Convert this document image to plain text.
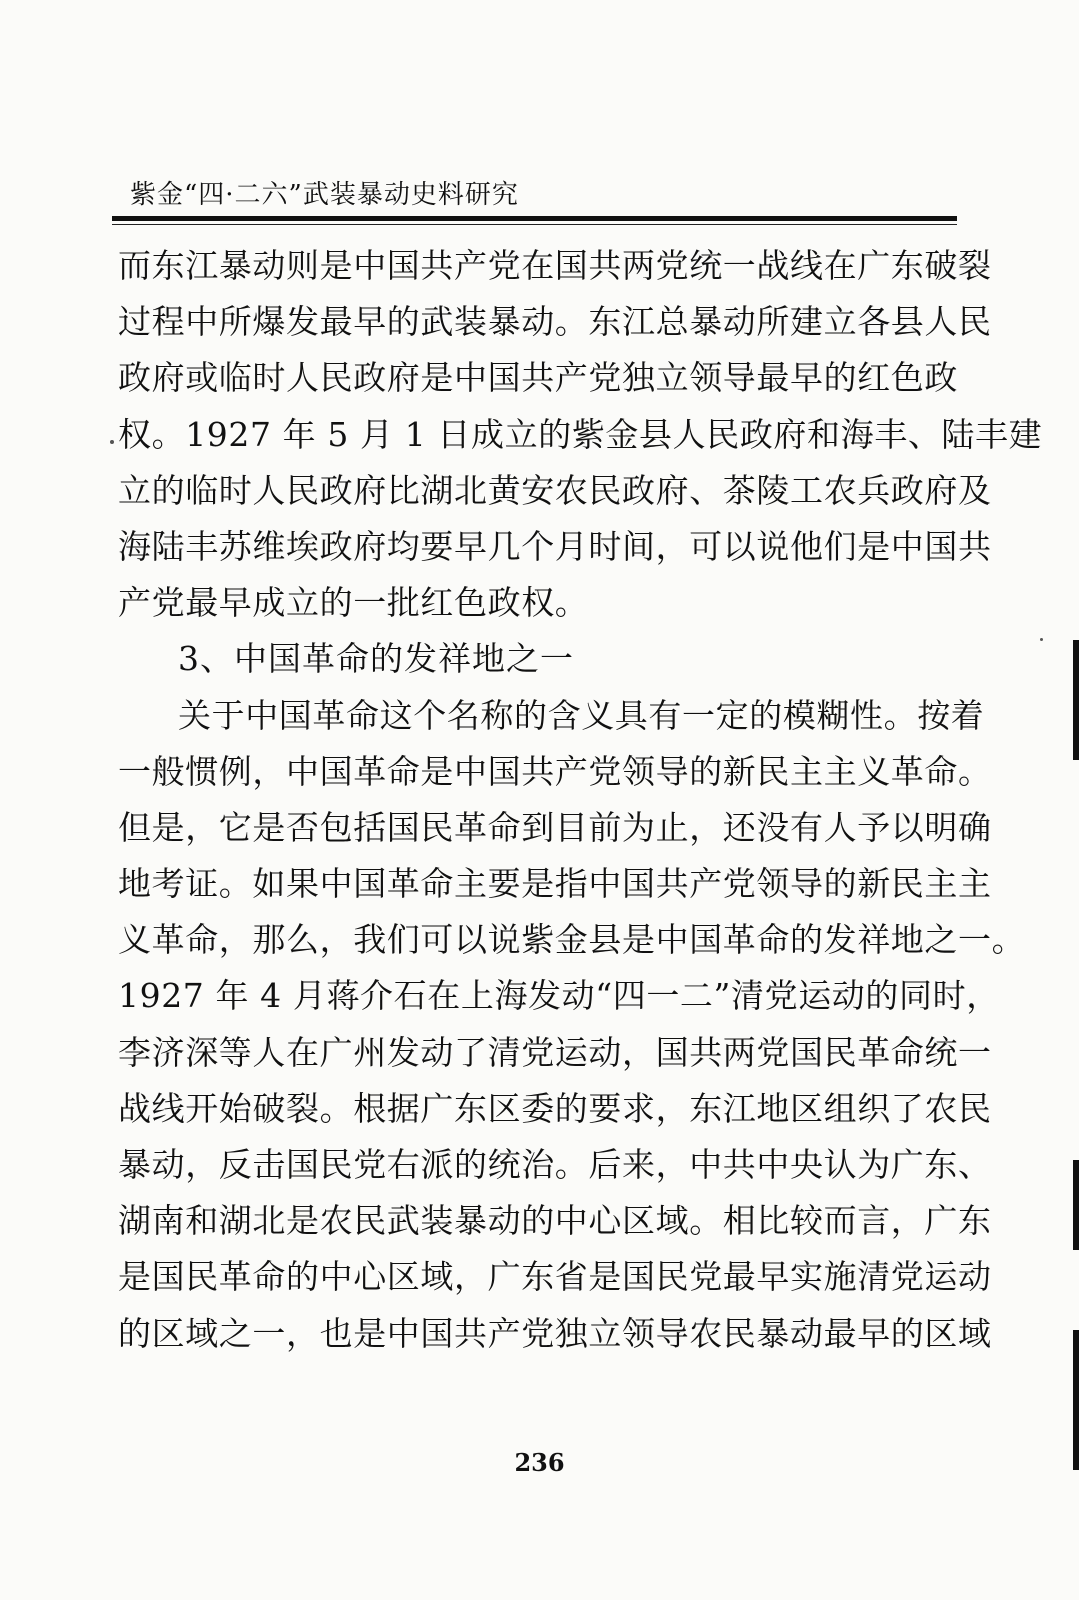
紫金“四·二六”武装暴动史料研究
而东江暴动则是中国共产党在国共两党统一战线在广东破裂
过程中所爆发最早的武装暴动。东江总暴动所建立各县人民
政府或临时人民政府是中国共产党独立领导最早的红色政
权。1927 年 5 月 1 日成立的紫金县人民政府和海丰、陆丰建
立的临时人民政府比湖北黄安农民政府、茶陵工农兵政府及
海陆丰苏维埃政府均要早几个月时间，可以说他们是中国共
产党最早成立的一批红色政权。
3、中国革命的发祥地之一
关于中国革命这个名称的含义具有一定的模糊性。按着
一般惯例，中国革命是中国共产党领导的新民主主义革命。
但是，它是否包括国民革命到目前为止，还没有人予以明确
地考证。如果中国革命主要是指中国共产党领导的新民主主
义革命，那么，我们可以说紫金县是中国革命的发祥地之一。
1927 年 4 月蒋介石在上海发动“四一二”清党运动的同时，
李济深等人在广州发动了清党运动，国共两党国民革命统一
战线开始破裂。根据广东区委的要求，东江地区组织了农民
暴动，反击国民党右派的统治。后来，中共中央认为广东、
湖南和湖北是农民武装暴动的中心区域。相比较而言，广东
是国民革命的中心区域，广东省是国民党最早实施清党运动
的区域之一，也是中国共产党独立领导农民暴动最早的区域
236
